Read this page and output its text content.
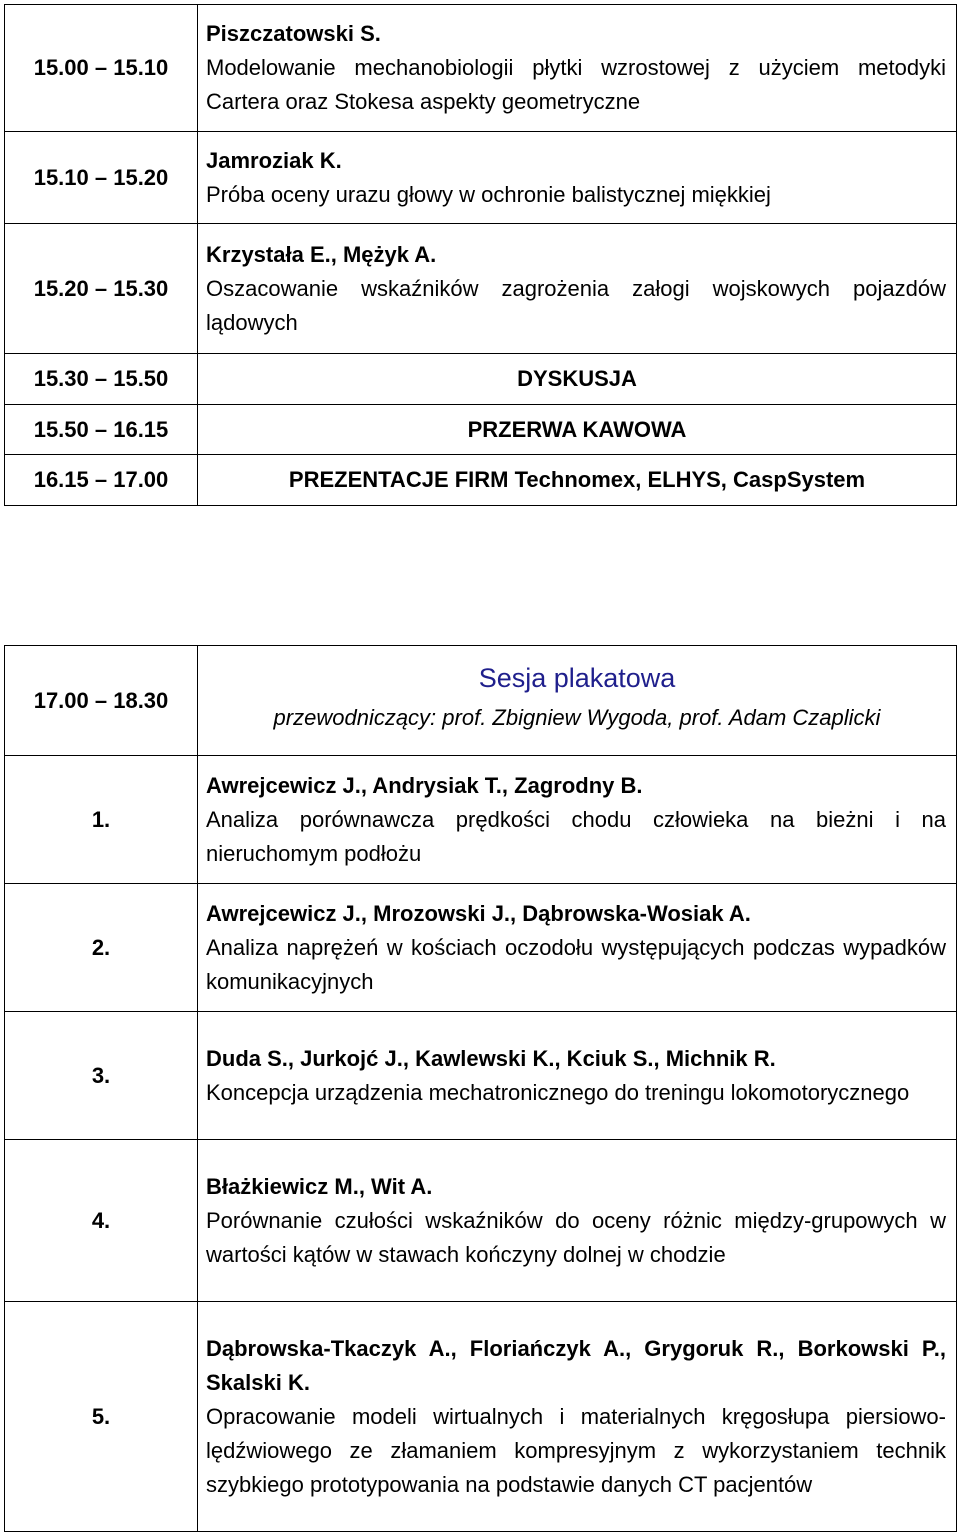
15.00 – 15.10	Piszczatowski S.
Modelowanie mechanobiologii płytki wzrostowej z użyciem metodyki Cartera oraz Stokesa aspekty geometryczne

15.10 – 15.20	Jamroziak K.
Próba oceny urazu głowy w ochronie balistycznej miękkiej

15.20 – 15.30	Krzystała E., Mężyk A.
Oszacowanie wskaźników zagrożenia załogi wojskowych pojazdów lądowych

15.30 – 15.50	DYSKUSJA
15.50 – 16.15	PRZERWA KAWOWA
16.15 – 17.00	PREZENTACJE FIRM Technomex, ELHYS, CaspSystem
17.00 – 18.30	Sesja plakatowa
przewodniczący: prof. Zbigniew Wygoda, prof. Adam Czaplicki

1.	Awrejcewicz J., Andrysiak T., Zagrodny B.
Analiza porównawcza prędkości chodu człowieka na bieżni i na nieruchomym podłożu

2.	Awrejcewicz J., Mrozowski J., Dąbrowska-Wosiak A.
Analiza naprężeń w kościach oczodołu występujących podczas wypadków komunikacyjnych

3.	Duda S., Jurkojć J., Kawlewski K., Kciuk S., Michnik R.
Koncepcja urządzenia mechatronicznego do treningu lokomotorycznego

4.	Błażkiewicz M., Wit A.
Porównanie czułości wskaźników do oceny różnic między-grupowych w wartości kątów w stawach kończyny dolnej w chodzie

5.	Dąbrowska-Tkaczyk A., Floriańczyk A., Grygoruk R., Borkowski P., Skalski K.
Opracowanie modeli wirtualnych i materialnych kręgosłupa piersiowo-lędźwiowego ze złamaniem kompresyjnym z wykorzystaniem technik szybkiego prototypowania na podstawie danych CT pacjentów
